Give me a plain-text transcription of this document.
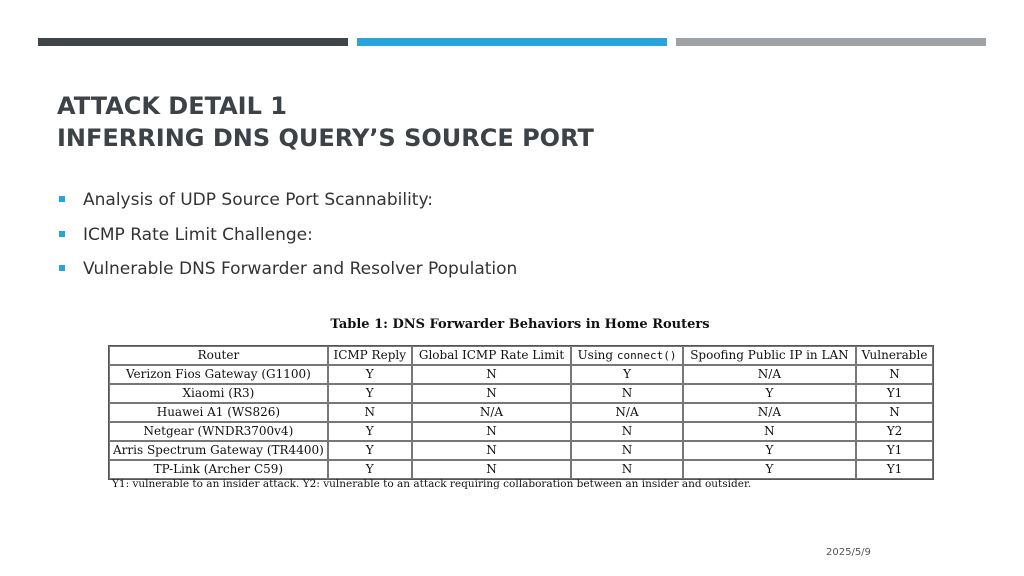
ATTACK DETAIL 1
INFERRING DNS QUERY’S SOURCE PORT
Analysis of UDP Source Port Scannability:
ICMP Rate Limit Challenge:
Vulnerable DNS Forwarder and Resolver Population
Table 1: DNS Forwarder Behaviors in Home Routers
Router	ICMP Reply	Global ICMP Rate Limit	Using connect()	Spoofing Public IP in LAN	Vulnerable
Verizon Fios Gateway (G1100)	Y	N	Y	N/A	N
Xiaomi (R3)	Y	N	N	Y	Y1
Huawei A1 (WS826)	N	N/A	N/A	N/A	N
Netgear (WNDR3700v4)	Y	N	N	N	Y2
Arris Spectrum Gateway (TR4400)	Y	N	N	Y	Y1
TP-Link (Archer C59)	Y	N	N	Y	Y1
Y1: vulnerable to an insider attack. Y2: vulnerable to an attack requiring collaboration between an insider and outsider.
2025/5/9
